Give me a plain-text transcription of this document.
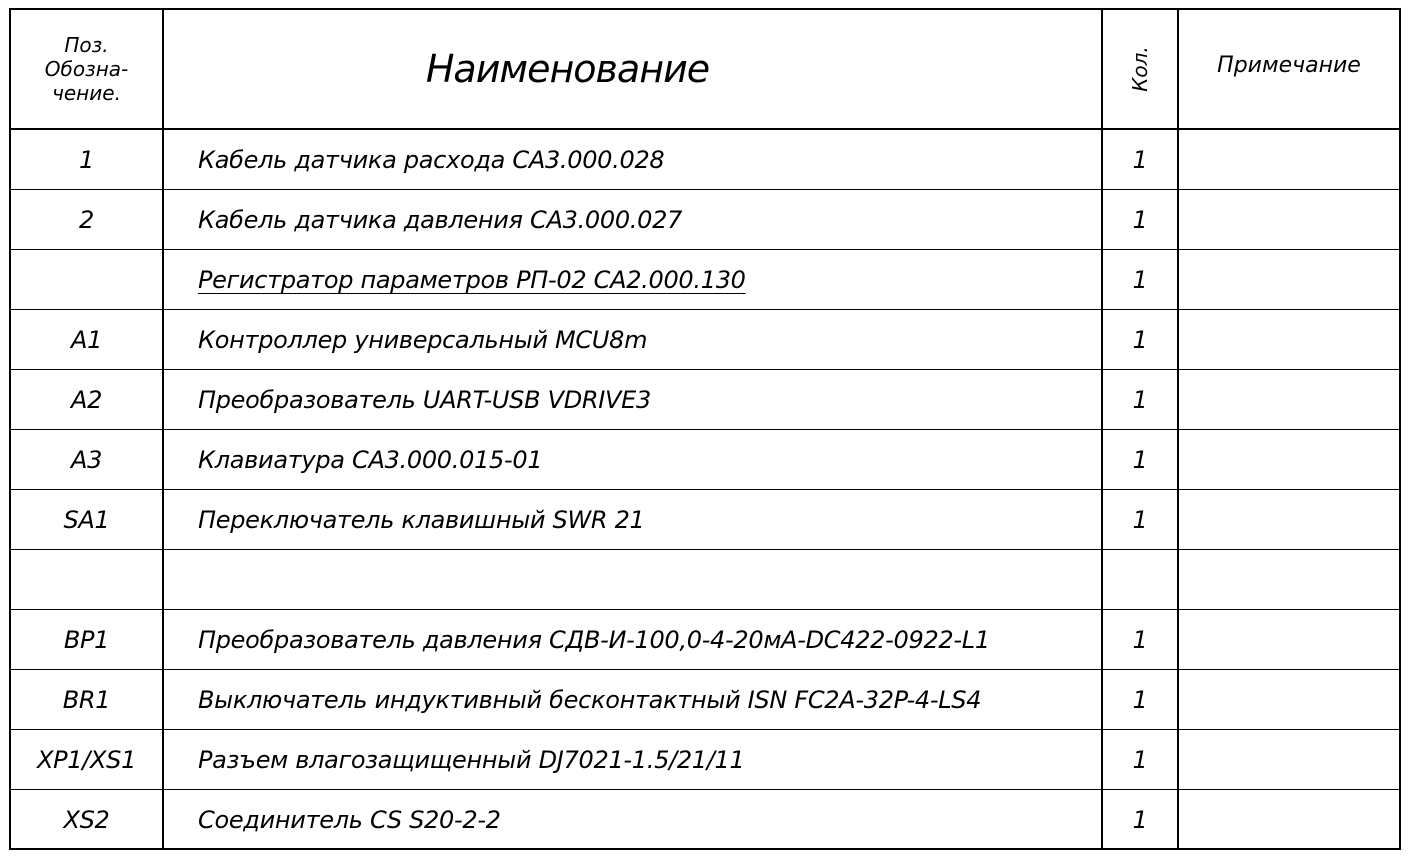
Поз.
Обозна-
чение.	Наименование	Кол.	Примечание
1	Кабель датчика расхода СА3.000.028	1	
2	Кабель датчика давления СА3.000.027	1	
	Регистратор параметров РП-02 СА2.000.130	1	
А1	Контроллер универсальный MCU8m	1	
А2	Преобразователь UART-USB VDRIVE3	1	
А3	Клавиатура СА3.000.015-01	1	
SA1	Переключатель клавишный SWR 21	1	

BP1	Преобразователь давления СДВ-И-100,0-4-20мА-DC422-0922-L1	1	
BR1	Выключатель индуктивный бесконтактный ISN FC2A-32P-4-LS4	1	
XP1/XS1	Разъем влагозащищенный DJ7021-1.5/21/11	1	
XS2	Соединитель CS S20-2-2	1	
